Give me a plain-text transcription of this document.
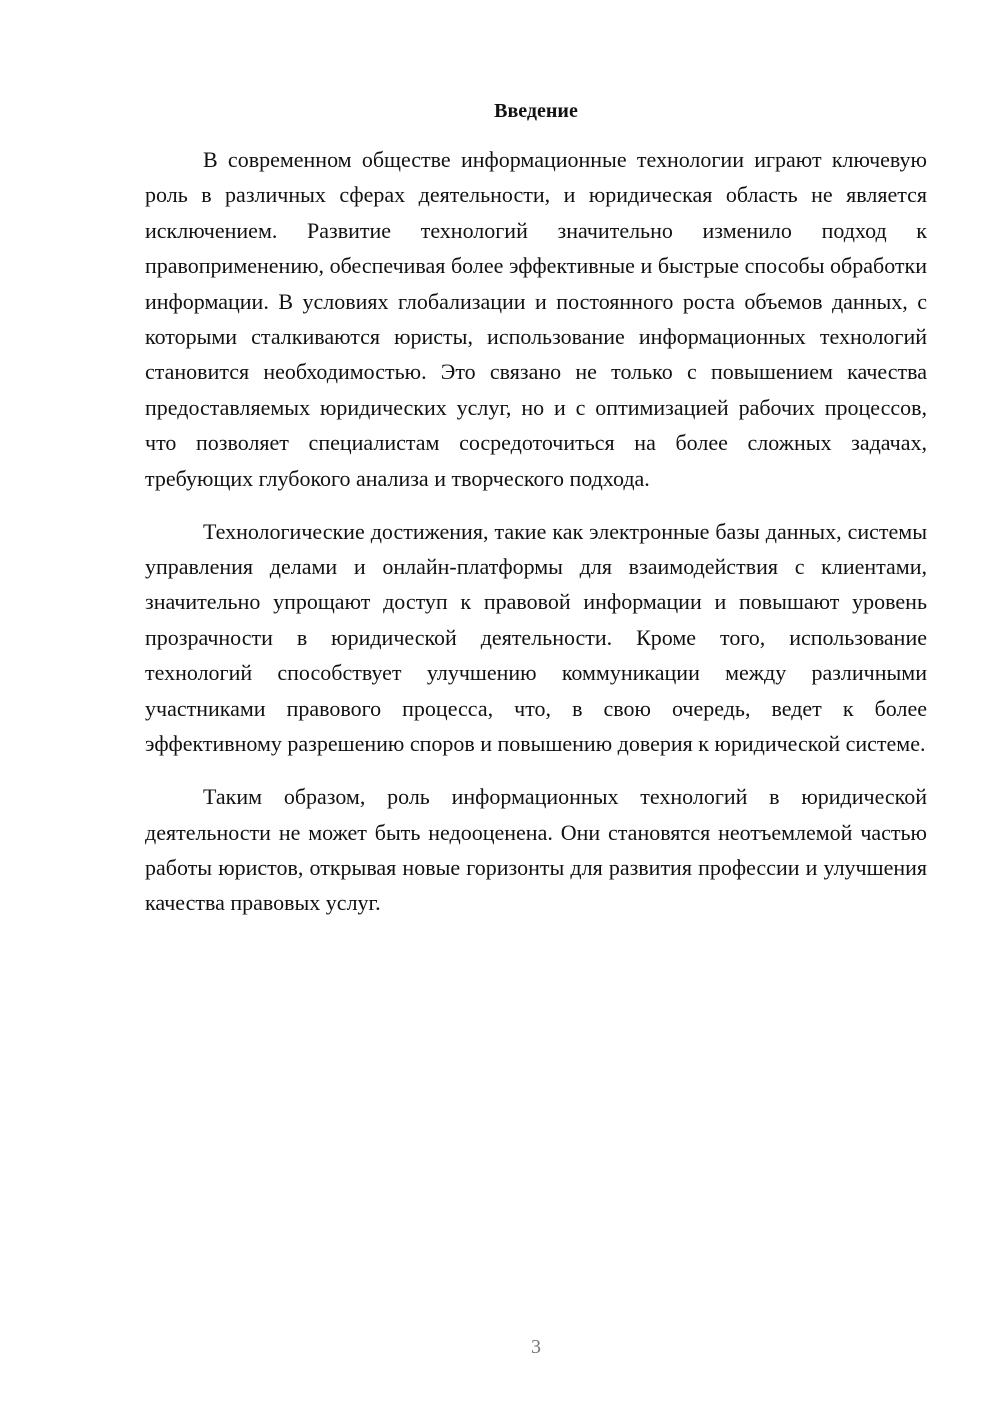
Введение

В современном обществе информационные технологии играют ключевую роль в различных сферах деятельности, и юридическая область не является исключением. Развитие технологий значительно изменило подход к правоприменению, обеспечивая более эффективные и быстрые способы обработки информации. В условиях глобализации и постоянного роста объемов данных, с которыми сталкиваются юристы, использование информационных технологий становится необходимостью. Это связано не только с повышением качества предоставляемых юридических услуг, но и с оптимизацией рабочих процессов, что позволяет специалистам сосредоточиться на более сложных задачах, требующих глубокого анализа и творческого подхода.

Технологические достижения, такие как электронные базы данных, системы управления делами и онлайн-платформы для взаимодействия с клиентами, значительно упрощают доступ к правовой информации и повышают уровень прозрачности в юридической деятельности. Кроме того, использование технологий способствует улучшению коммуникации между различными участниками правового процесса, что, в свою очередь, ведет к более эффективному разрешению споров и повышению доверия к юридической системе.

Таким образом, роль информационных технологий в юридической деятельности не может быть недооценена. Они становятся неотъемлемой частью работы юристов, открывая новые горизонты для развития профессии и улучшения качества правовых услуг.

3
